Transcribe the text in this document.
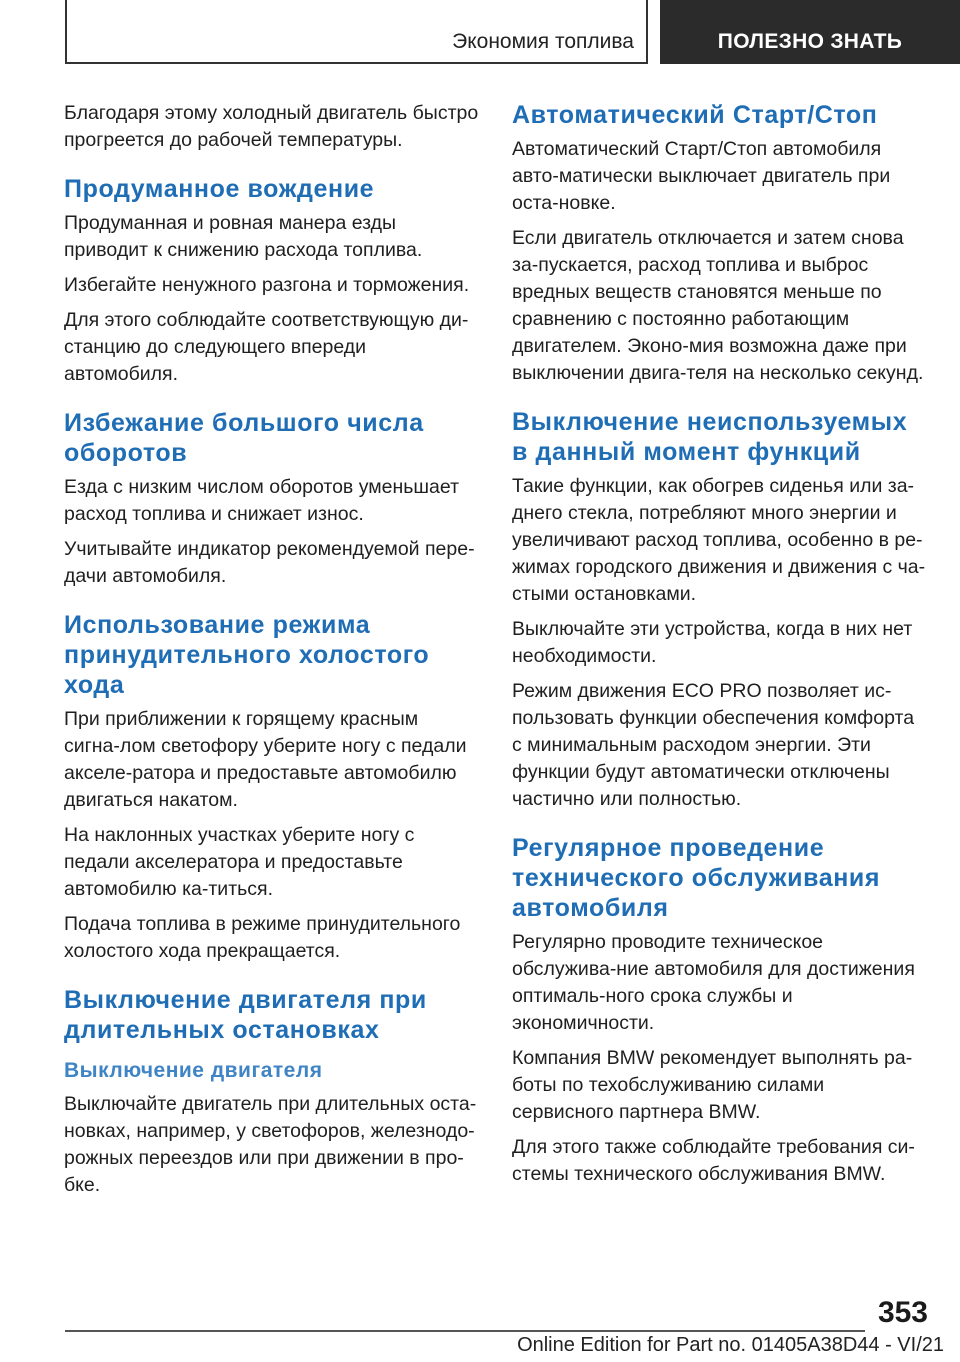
Экономия топлива	ПОЛЕЗНО ЗНАТЬ

Благодаря этому холодный двигатель быстро прогреется до рабочей температуры.

Продуманное вождение

Продуманная и ровная манера езды приводит к снижению расхода топлива.

Избегайте ненужного разгона и торможения.

Для этого соблюдайте соответствующую ди-станцию до следующего впереди автомобиля.

Избежание большого числа оборотов

Езда с низким числом оборотов уменьшает расход топлива и снижает износ.

Учитывайте индикатор рекомендуемой пере-дачи автомобиля.

Использование режима принудительного холостого хода

При приближении к горящему красным сигна-лом светофору уберите ногу с педали акселе-ратора и предоставьте автомобилю двигаться накатом.

На наклонных участках уберите ногу с педали акселератора и предоставьте автомобилю ка-титься.

Подача топлива в режиме принудительного холостого хода прекращается.

Выключение двигателя при длительных остановках
Выключение двигателя

Выключайте двигатель при длительных оста-новках, например, у светофоров, железнодо-рожных переездов или при движении в про-бке.

Автоматический Старт/Стоп

Автоматический Старт/Стоп автомобиля авто-матически выключает двигатель при оста-новке.

Если двигатель отключается и затем снова за-пускается, расход топлива и выброс вредных веществ становятся меньше по сравнению с постоянно работающим двигателем. Эконо-мия возможна даже при выключении двига-теля на несколько секунд.

Выключение неиспользуемых в данный момент функций

Такие функции, как обогрев сиденья или за-днего стекла, потребляют много энергии и увеличивают расход топлива, особенно в ре-жимах городского движения и движения с ча-стыми остановками.

Выключайте эти устройства, когда в них нет необходимости.

Режим движения ECO PRO позволяет ис-пользовать функции обеспечения комфорта с минимальным расходом энергии. Эти функции будут автоматически отключены частично или полностью.

Регулярное проведение технического обслуживания автомобиля

Регулярно проводите техническое обслужива-ние автомобиля для достижения оптималь-ного срока службы и экономичности.

Компания BMW рекомендует выполнять ра-боты по техобслуживанию силами сервисного партнера BMW.

Для этого также соблюдайте требования си-стемы технического обслуживания BMW.

353
Online Edition for Part no. 01405A38D44 - VI/21
